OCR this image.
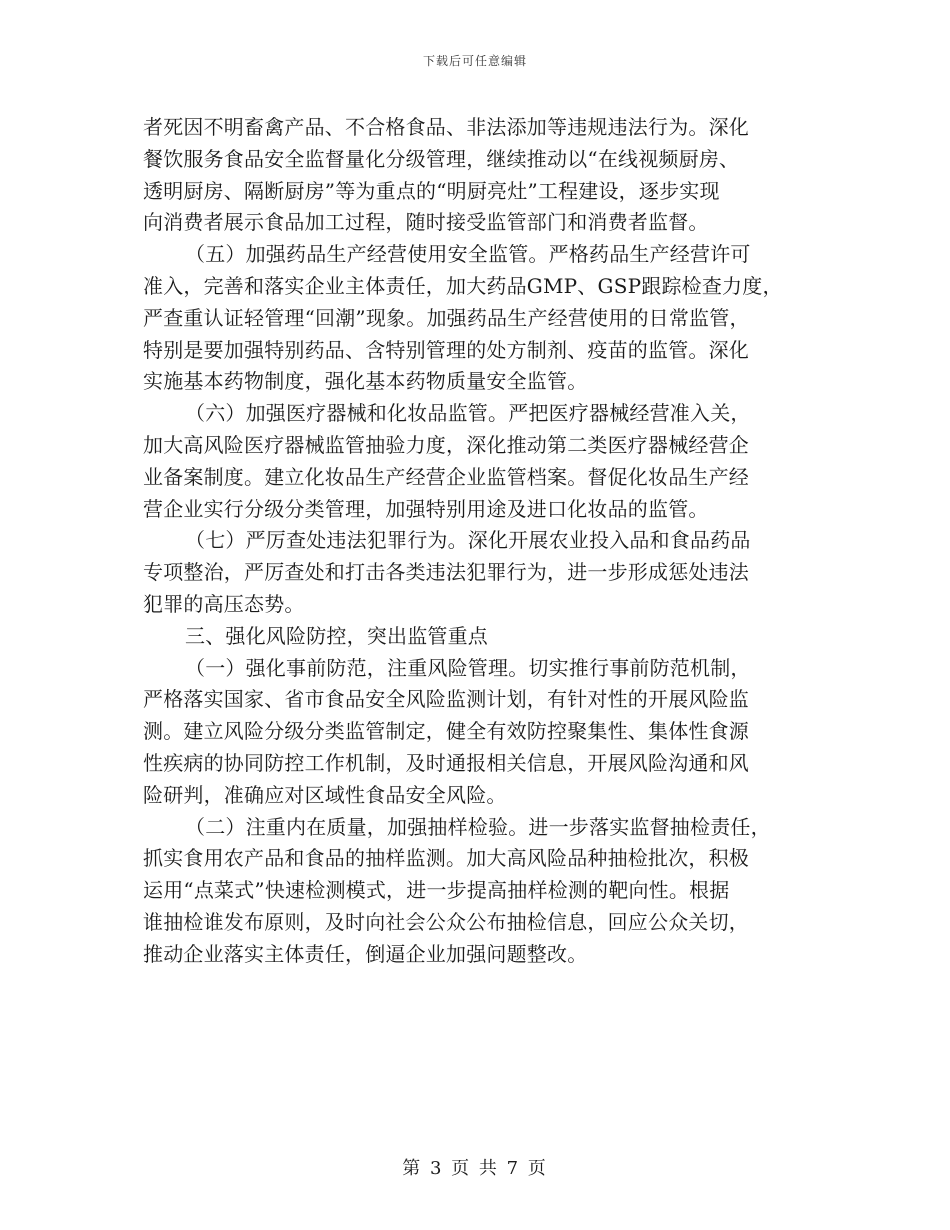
下载后可任意编辑
者死因不明畜禽产品、不合格食品、非法添加等违规违法行为。深化
餐饮服务食品安全监督量化分级管理，继续推动以“在线视频厨房、
透明厨房、隔断厨房”等为重点的“明厨亮灶”工程建设，逐步实现
向消费者展示食品加工过程，随时接受监管部门和消费者监督。
（五）加强药品生产经营使用安全监管。严格药品生产经营许可
准入，完善和落实企业主体责任，加大药品GMP、GSP跟踪检查力度，
严查重认证轻管理“回潮”现象。加强药品生产经营使用的日常监管，
特别是要加强特别药品、含特别管理的处方制剂、疫苗的监管。深化
实施基本药物制度，强化基本药物质量安全监管。
（六）加强医疗器械和化妆品监管。严把医疗器械经营准入关，
加大高风险医疗器械监管抽验力度，深化推动第二类医疗器械经营企
业备案制度。建立化妆品生产经营企业监管档案。督促化妆品生产经
营企业实行分级分类管理，加强特别用途及进口化妆品的监管。
（七）严厉查处违法犯罪行为。深化开展农业投入品和食品药品
专项整治，严厉查处和打击各类违法犯罪行为，进一步形成惩处违法
犯罪的高压态势。
三、强化风险防控，突出监管重点
（一）强化事前防范，注重风险管理。切实推行事前防范机制，
严格落实国家、省市食品安全风险监测计划，有针对性的开展风险监
测。建立风险分级分类监管制定，健全有效防控聚集性、集体性食源
性疾病的协同防控工作机制，及时通报相关信息，开展风险沟通和风
险研判，准确应对区域性食品安全风险。
（二）注重内在质量，加强抽样检验。进一步落实监督抽检责任，
抓实食用农产品和食品的抽样监测。加大高风险品种抽检批次，积极
运用“点菜式”快速检测模式，进一步提高抽样检测的靶向性。根据
谁抽检谁发布原则，及时向社会公众公布抽检信息，回应公众关切，
推动企业落实主体责任，倒逼企业加强问题整改。
第 3 页 共 7 页
